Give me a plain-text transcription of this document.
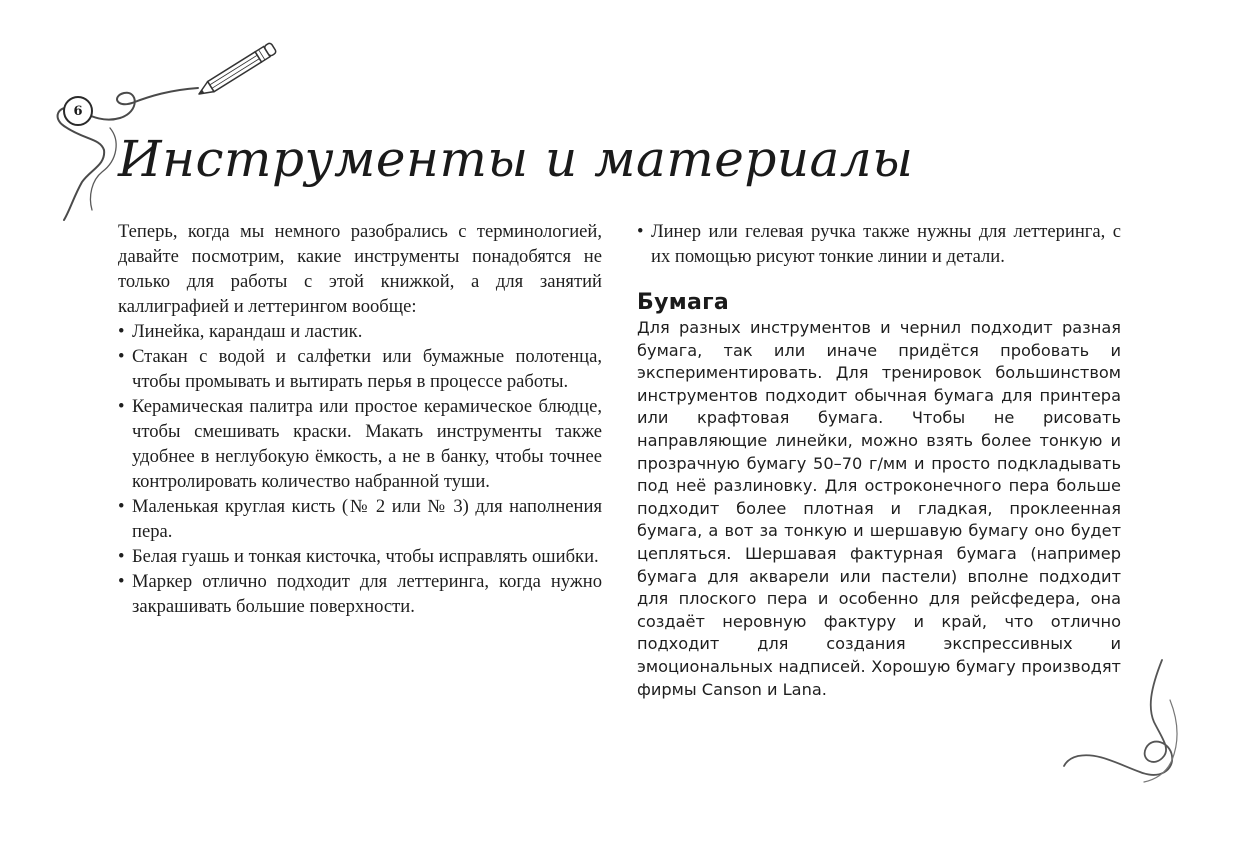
6
Инструменты и материалы

Теперь, когда мы немного разобрались с терминологией, давайте посмотрим, какие инструменты понадобятся не только для работы с этой книжкой, а для занятий каллиграфией и леттерингом вообще:

• Линейка, карандаш и ластик.
• Стакан с водой и салфетки или бумажные полотенца, чтобы промывать и вытирать перья в процессе работы.
• Керамическая палитра или простое керамическое блюдце, чтобы смешивать краски. Макать инструменты также удобнее в неглубокую ёмкость, а не в банку, чтобы точнее контролировать количество набранной туши.
• Маленькая круглая кисть (№ 2 или № 3) для наполнения пера.
• Белая гуашь и тонкая кисточка, чтобы исправлять ошибки.
• Маркер отлично подходит для леттеринга, когда нужно закрашивать большие поверхности.
• Линер или гелевая ручка также нужны для леттеринга, с их помощью рисуют тонкие линии и детали.
Бумага

Для разных инструментов и чернил подходит разная бумага, так или иначе придётся пробовать и экспериментировать. Для тренировок большинством инструментов подходит обычная бумага для принтера или крафтовая бумага. Чтобы не рисовать направляющие линейки, можно взять более тонкую и прозрачную бумагу 50–70 г/мм и просто подкладывать под неё разлиновку. Для остроконечного пера больше подходит более плотная и гладкая, проклеенная бумага, а вот за тонкую и шершавую бумагу оно будет цепляться. Шершавая фактурная бумага (например бумага для акварели или пастели) вполне подходит для плоского пера и особенно для рейсфедера, она создаёт неровную фактуру и край, что отлично подходит для создания экспрессивных и эмоциональных надписей. Хорошую бумагу производят фирмы Canson и Lana.
